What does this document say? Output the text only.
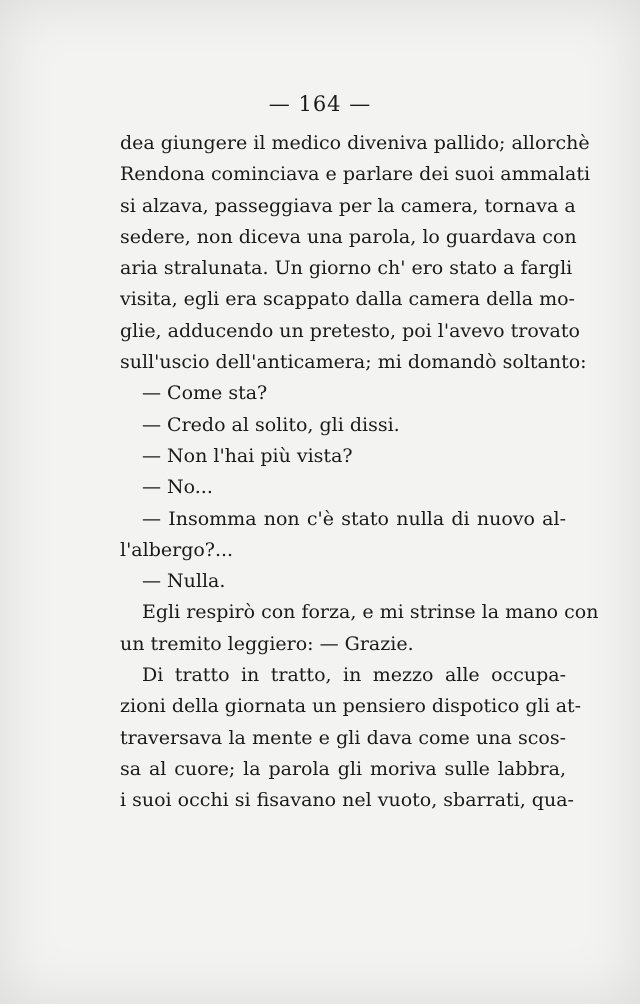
— 164 —
dea giungere il medico diveniva pallido; allorchè
Rendona cominciava e parlare dei suoi ammalati
si alzava, passeggiava per la camera, tornava a
sedere, non diceva una parola, lo guardava con
aria stralunata. Un giorno ch' ero stato a fargli
visita, egli era scappato dalla camera della mo-
glie, adducendo un pretesto, poi l'avevo trovato
sull'uscio dell'anticamera; mi domandò soltanto:
— Come sta?
— Credo al solito, gli dissi.
— Non l'hai più vista?
— No...
— Insomma non c'è stato nulla di nuovo al-
l'albergo?...
— Nulla.
Egli respirò con forza, e mi strinse la mano con
un tremito leggiero: — Grazie.
Di tratto in tratto, in mezzo alle occupa-
zioni della giornata un pensiero dispotico gli at-
traversava la mente e gli dava come una scos-
sa al cuore; la parola gli moriva sulle labbra,
i suoi occhi si fisavano nel vuoto, sbarrati, qua-
